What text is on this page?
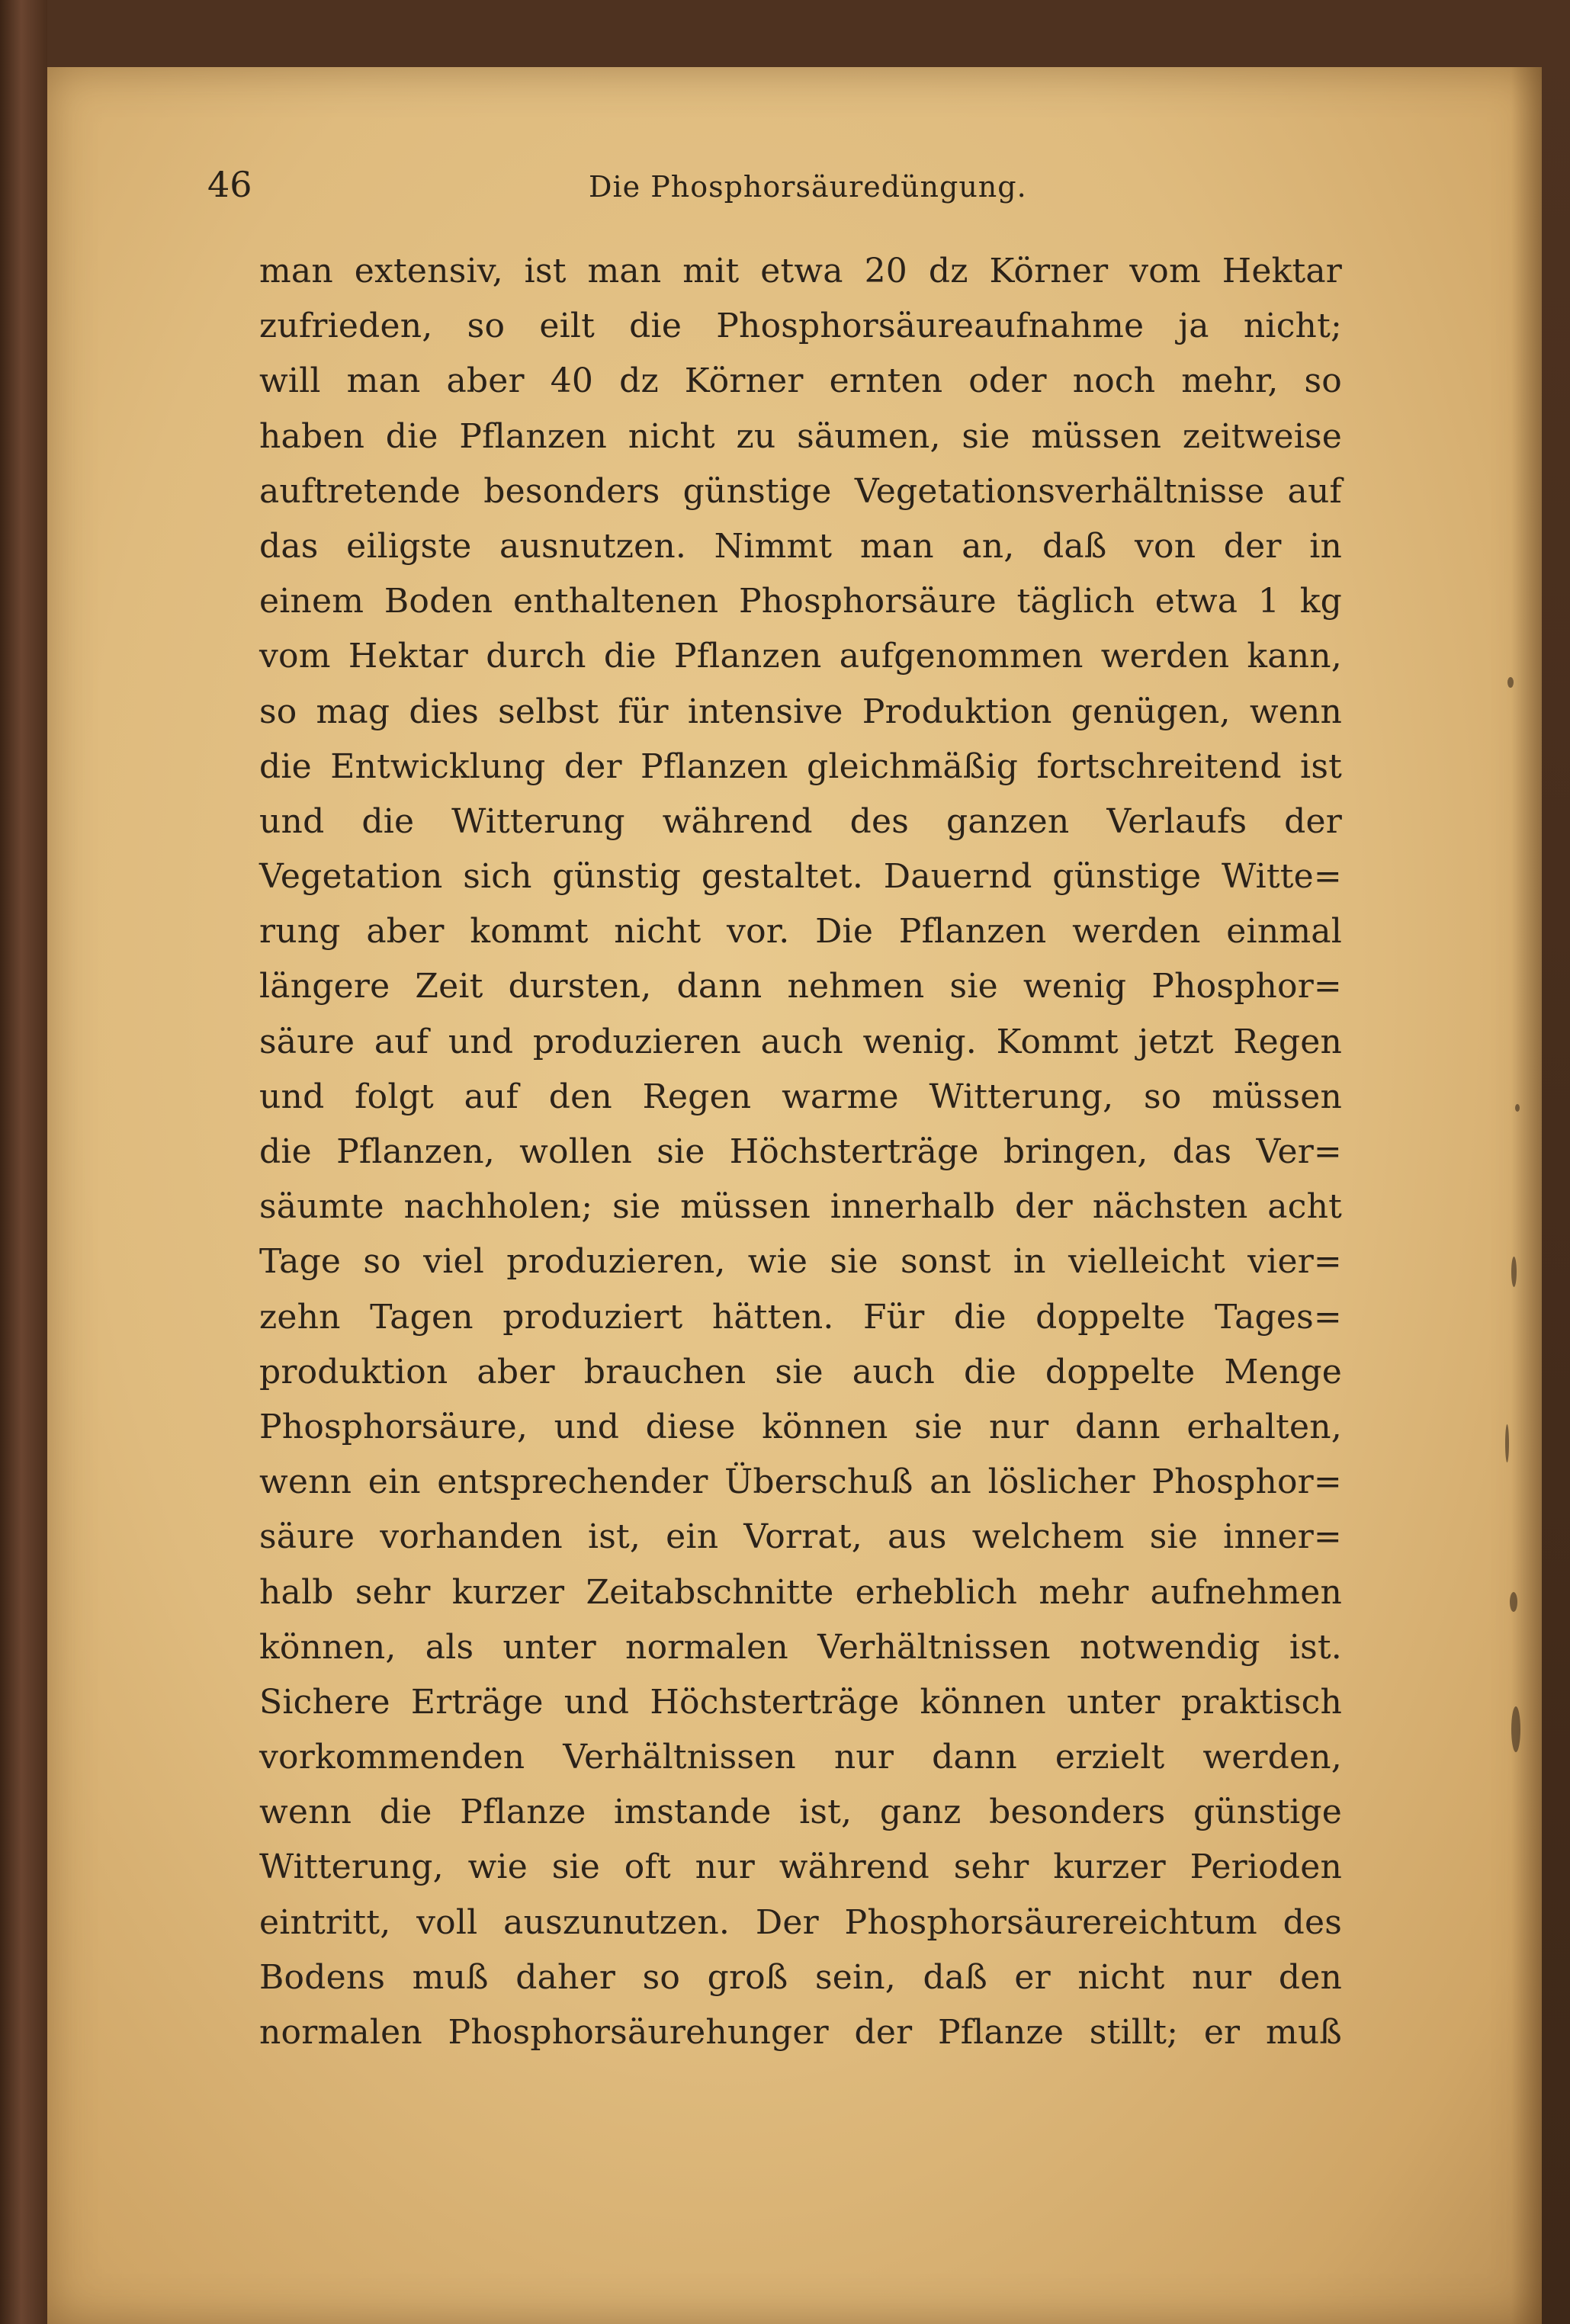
46	Die Phosphorsäuredüngung.
man extensiv, ist man mit etwa 20 dz Körner vom Hektar
zufrieden, so eilt die Phosphorsäureaufnahme ja nicht;
will man aber 40 dz Körner ernten oder noch mehr, so
haben die Pflanzen nicht zu säumen, sie müssen zeitweise
auftretende besonders günstige Vegetationsverhältnisse auf
das eiligste ausnutzen. Nimmt man an, daß von der in
einem Boden enthaltenen Phosphorsäure täglich etwa 1 kg
vom Hektar durch die Pflanzen aufgenommen werden kann,
so mag dies selbst für intensive Produktion genügen, wenn
die Entwicklung der Pflanzen gleichmäßig fortschreitend ist
und die Witterung während des ganzen Verlaufs der
Vegetation sich günstig gestaltet. Dauernd günstige Witte=
rung aber kommt nicht vor. Die Pflanzen werden einmal
längere Zeit dursten, dann nehmen sie wenig Phosphor=
säure auf und produzieren auch wenig. Kommt jetzt Regen
und folgt auf den Regen warme Witterung, so müssen
die Pflanzen, wollen sie Höchsterträge bringen, das Ver=
säumte nachholen; sie müssen innerhalb der nächsten acht
Tage so viel produzieren, wie sie sonst in vielleicht vier=
zehn Tagen produziert hätten. Für die doppelte Tages=
produktion aber brauchen sie auch die doppelte Menge
Phosphorsäure, und diese können sie nur dann erhalten,
wenn ein entsprechender Überschuß an löslicher Phosphor=
säure vorhanden ist, ein Vorrat, aus welchem sie inner=
halb sehr kurzer Zeitabschnitte erheblich mehr aufnehmen
können, als unter normalen Verhältnissen notwendig ist.
Sichere Erträge und Höchsterträge können unter praktisch
vorkommenden Verhältnissen nur dann erzielt werden,
wenn die Pflanze imstande ist, ganz besonders günstige
Witterung, wie sie oft nur während sehr kurzer Perioden
eintritt, voll auszunutzen. Der Phosphorsäurereichtum des
Bodens muß daher so groß sein, daß er nicht nur den
normalen Phosphorsäurehunger der Pflanze stillt; er muß
